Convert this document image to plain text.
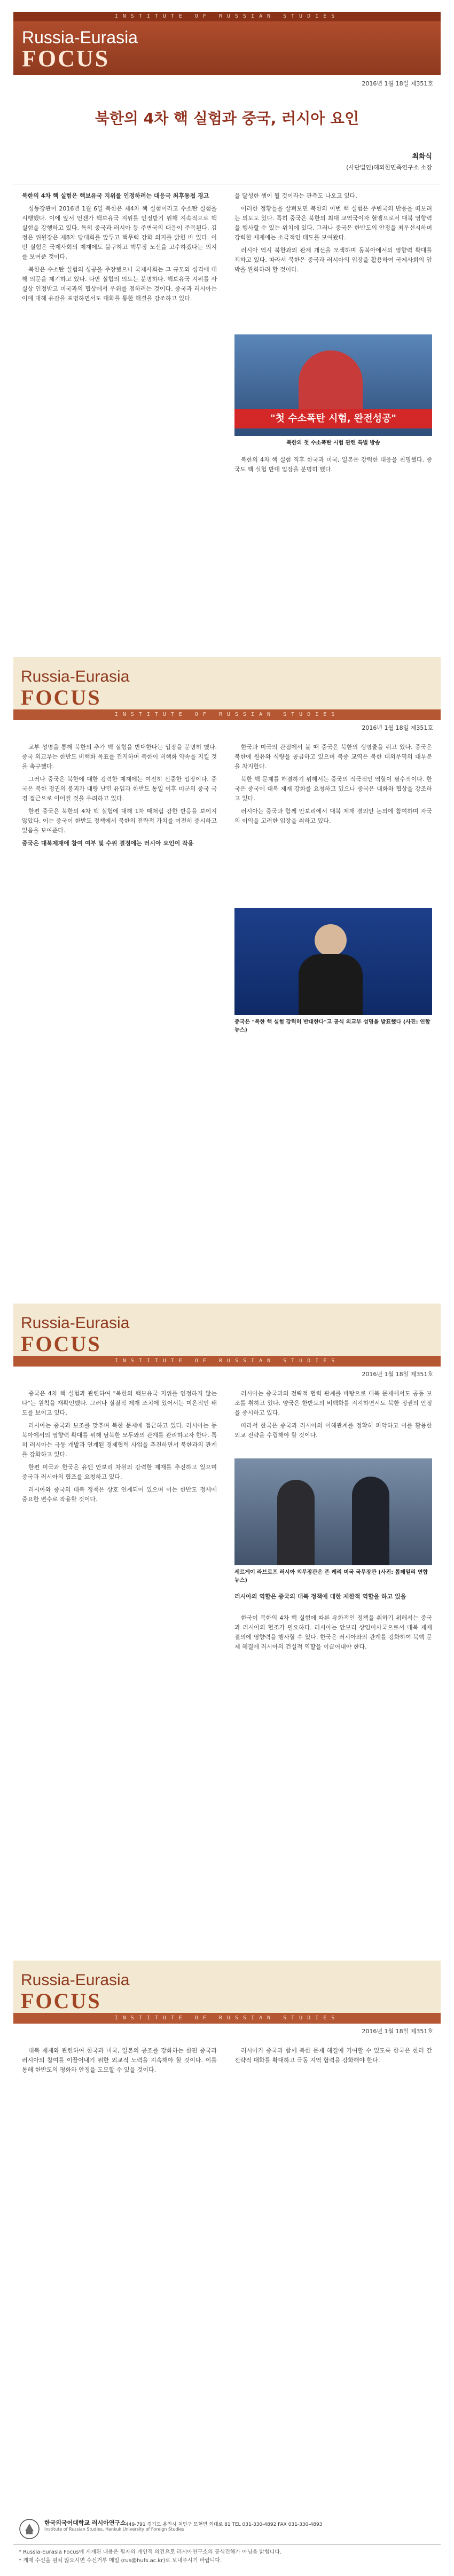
INSTITUTE OF RUSSIAN STUDIES
Russia-Eurasia
FOCUS
2016년 1월 18일 제351호
북한의 4차 핵 실험과 중국, 러시아 요인
최화식
(사단법인)해외한민족연구소 소장

북한의 4차 핵 실험은 핵보유국 지위를 인정하려는 대응국 최후통첩 경고

성동장관이 2016년 1월 6일 북한은 제4차 핵 실험이라고 수소탄 실험을 시행했다. 이에 앞서 언젠가 핵보유국 지위를 인정받기 위해 지속적으로 핵 실험을 강행하고 있다. 특히 중국과 러시아 등 주변국의 대응이 주목된다. 김정은 위원장은 제8차 당대회를 앞두고 핵무력 강화 의지를 밝힌 바 있다. 이번 실험은 국제사회의 제재에도 불구하고 핵무장 노선을 고수하겠다는 의지를 보여준 것이다.

북한은 수소탄 실험의 성공을 주장했으나 국제사회는 그 규모와 성격에 대해 의문을 제기하고 있다. 다만 실험의 의도는 분명하다. 핵보유국 지위를 사실상 인정받고 미국과의 협상에서 우위를 점하려는 것이다. 중국과 러시아는 이에 대해 유감을 표명하면서도 대화를 통한 해결을 강조하고 있다.

을 달성한 셈이 될 것이라는 관측도 나오고 있다.

이러한 정황들을 살펴보면 북한의 이번 핵 실험은 주변국의 반응을 떠보려는 의도도 있다. 특히 중국은 북한의 최대 교역국이자 혈맹으로서 대북 영향력을 행사할 수 있는 위치에 있다. 그러나 중국은 한반도의 안정을 최우선시하며 강력한 제재에는 소극적인 태도를 보여왔다.

러시아 역시 북한과의 관계 개선을 모색하며 동북아에서의 영향력 확대를 꾀하고 있다. 따라서 북한은 중국과 러시아의 입장을 활용하여 국제사회의 압박을 완화하려 할 것이다.

"첫 수소폭탄 시험, 완전성공"
북한의 첫 수소폭탄 시험 관련 특별 방송

북한의 4차 핵 실험 직후 한국과 미국, 일본은 강력한 대응을 천명했다. 중국도 핵 실험 반대 입장을 분명히 했다.

Russia-Eurasia
FOCUS
INSTITUTE OF RUSSIAN STUDIES
2016년 1월 18일 제351호

교부 성명을 통해 북한의 추가 핵 실험을 반대한다는 입장을 분명히 했다. 중국 외교부는 한반도 비핵화 목표를 견지하며 북한이 비핵화 약속을 지킬 것을 촉구했다.

그러나 중국은 북한에 대한 강력한 제재에는 여전히 신중한 입장이다. 중국은 북한 정권의 붕괴가 대량 난민 유입과 한반도 통일 이후 미군의 중국 국경 접근으로 이어질 것을 우려하고 있다.

한편 중국은 북한의 4차 핵 실험에 대해 1차 때처럼 강한 반응을 보이지 않았다. 이는 중국이 한반도 정책에서 북한의 전략적 가치를 여전히 중시하고 있음을 보여준다.

중국은 대북제재에 참여 여부 및 수위 결정에는 러시아 요인이 작용

한국과 미국의 관점에서 볼 때 중국은 북한의 생명줄을 쥐고 있다. 중국은 북한에 원유와 식량을 공급하고 있으며 북중 교역은 북한 대외무역의 대부분을 차지한다.

북한 핵 문제를 해결하기 위해서는 중국의 적극적인 역할이 필수적이다. 한국은 중국에 대북 제재 강화를 요청하고 있으나 중국은 대화와 협상을 강조하고 있다.

러시아는 중국과 함께 안보리에서 대북 제재 결의안 논의에 참여하며 자국의 이익을 고려한 입장을 취하고 있다.

중국은 "북한 핵 실험 강력히 반대한다"고 공식 외교부 성명을 발표했다 (사진: 연합뉴스)
Russia-Eurasia
FOCUS
INSTITUTE OF RUSSIAN STUDIES
2016년 1월 18일 제351호

중국은 4차 핵 실험과 관련하여 "북한의 핵보유국 지위를 인정하지 않는다"는 원칙을 재확인했다. 그러나 실질적 제재 조치에 있어서는 미온적인 태도를 보이고 있다.

러시아는 중국과 보조를 맞추며 북한 문제에 접근하고 있다. 러시아는 동북아에서의 영향력 확대를 위해 남북한 모두와의 관계를 관리하고자 한다. 특히 러시아는 극동 개발과 연계된 경제협력 사업을 추진하면서 북한과의 관계를 강화하고 있다.

한편 미국과 한국은 유엔 안보리 차원의 강력한 제재를 추진하고 있으며 중국과 러시아의 협조를 요청하고 있다.

러시아와 중국의 대북 정책은 상호 연계되어 있으며 이는 한반도 정세에 중요한 변수로 작용할 것이다.

러시아는 중국과의 전략적 협력 관계를 바탕으로 대북 문제에서도 공동 보조를 취하고 있다. 양국은 한반도의 비핵화를 지지하면서도 북한 정권의 안정을 중시하고 있다.

따라서 한국은 중국과 러시아의 이해관계를 정확히 파악하고 이를 활용한 외교 전략을 수립해야 할 것이다.

세르게이 라브로프 러시아 외무장관은 존 케리 미국 국무장관 (사진: 톱데일리 연합뉴스)
러시아의 역할은 중국의 대북 정책에 대한 제한적 역할을 하고 있을

한국이 북한의 4차 핵 실험에 따른 유화적인 정책을 취하기 위해서는 중국과 러시아의 협조가 필요하다. 러시아는 안보리 상임이사국으로서 대북 제재 결의에 영향력을 행사할 수 있다. 한국은 러시아와의 관계를 강화하여 북핵 문제 해결에 러시아의 건설적 역할을 이끌어내야 한다.

Russia-Eurasia
FOCUS
INSTITUTE OF RUSSIAN STUDIES
2016년 1월 18일 제351호

대북 제재와 관련하여 한국과 미국, 일본의 공조를 강화하는 한편 중국과 러시아의 참여를 이끌어내기 위한 외교적 노력을 지속해야 할 것이다. 이를 통해 한반도의 평화와 안정을 도모할 수 있을 것이다.

러시아가 중국과 함께 북한 문제 해결에 기여할 수 있도록 한국은 한러 간 전략적 대화를 확대하고 극동 지역 협력을 강화해야 한다.

한국외국어대학교 러시아연구소
Institute of Russian Studies, Hankuk University of Foreign Studies
449-791 경기도 용인시 처인구 모현면 외대로 81 TEL 031-330-4892 FAX 031-330-4893
* Russia-Eurasia Focus에 게재된 내용은 필자의 개인적 의견으로 러시아연구소의 공식견해가 아님을 밝힙니다.
* 게재 수신을 원치 않으시면 수신거부 메일 (rus@hufs.ac.kr)로 보내주시기 바랍니다.
